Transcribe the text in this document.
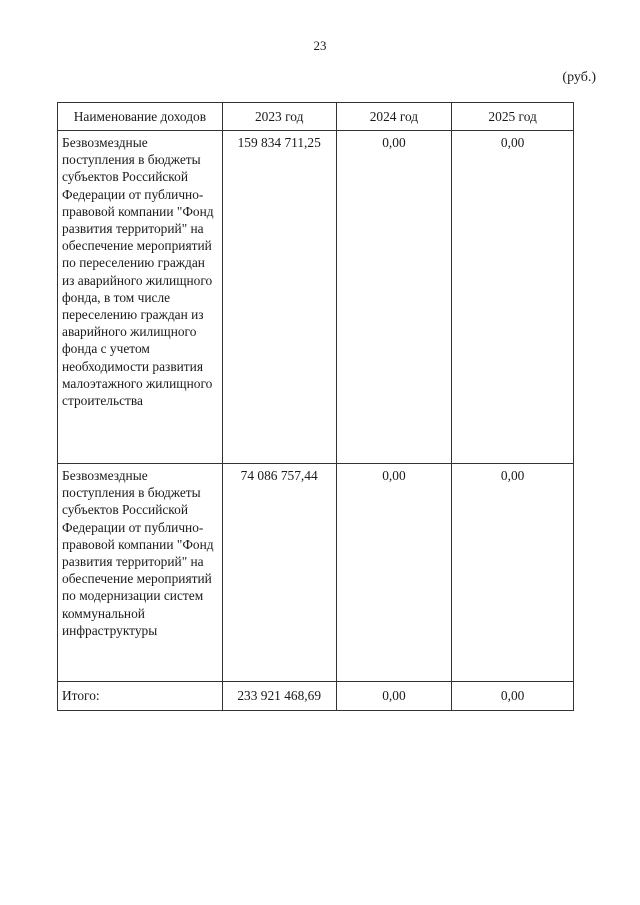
23
(руб.)
Наименование доходов	2023 год	2024 год	2025 год
Безвозмездные поступления в бюджеты субъектов Российской Федерации от публично-правовой компании "Фонд развития территорий" на обеспечение мероприятий по переселению граждан из аварийного жилищного фонда, в том числе переселению граждан из аварийного жилищного фонда с учетом необходимости развития малоэтажного жилищного строительства	159 834 711,25	0,00	0,00
Безвозмездные поступления в бюджеты субъектов Российской Федерации от публично-правовой компании "Фонд развития территорий" на обеспечение мероприятий по модернизации систем коммунальной инфраструктуры	74 086 757,44	0,00	0,00
Итого:	233 921 468,69	0,00	0,00
